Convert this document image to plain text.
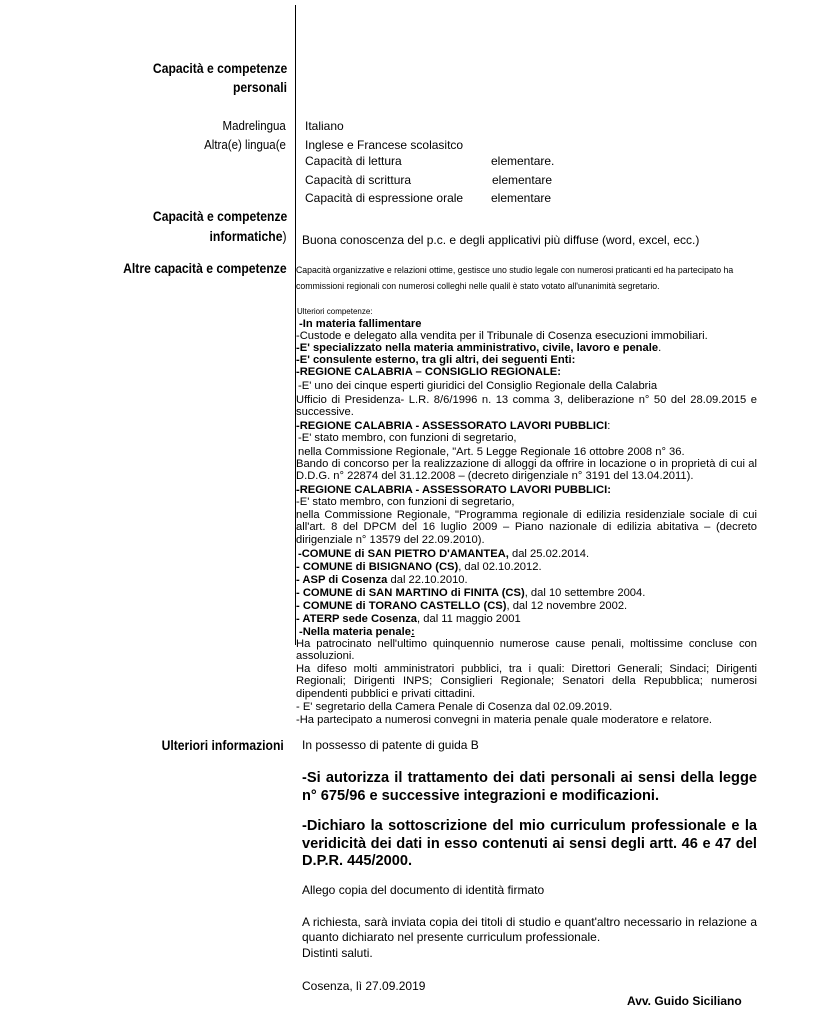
Capacità e competenze
personali
Madrelingua
Altra(e) lingua(e
Capacità e competenze
informatiche)
Altre capacità e competenze
Ulteriori informazioni
Italiano
Inglese e Francese scolasitco
Capacità di lettura	elementare.
Capacità di scrittura	elementare
Capacità di espressione orale elementare
Buona conoscenza del p.c. e degli applicativi più diffuse (word, excel, ecc.)
Capacità organizzative e relazioni ottime, gestisce uno studio legale con numerosi praticanti ed ha partecipato ha
commissioni regionali con numerosi colleghi nelle qualil è stato votato all'unanimità segretario.
Ulteriori competenze:
-In materia fallimentare
-Custode e delegato alla vendita per il Tribunale di Cosenza esecuzioni immobiliari.
-E' specializzato nella materia amministrativo, civile, lavoro e penale.
-E' consulente esterno, tra gli altri, dei seguenti Enti:
-REGIONE CALABRIA – CONSIGLIO REGIONALE:
-E' uno dei cinque esperti giuridici del Consiglio Regionale della Calabria
Ufficio di Presidenza- L.R. 8/6/1996 n. 13 comma 3, deliberazione n° 50 del 28.09.2015 e successive.
-REGIONE CALABRIA - ASSESSORATO LAVORI PUBBLICI:
-E' stato membro, con funzioni di segretario,
nella Commissione Regionale, "Art. 5 Legge Regionale 16 ottobre 2008 n° 36.
Bando di concorso per la realizzazione di alloggi da offrire in locazione o in proprietà di cui al D.D.G. n° 22874 del 31.12.2008 – (decreto dirigenziale n° 3191 del 13.04.2011).
-REGIONE CALABRIA - ASSESSORATO LAVORI PUBBLICI:
-E' stato membro, con funzioni di segretario,
nella Commissione Regionale, "Programma regionale di edilizia residenziale sociale di cui all'art. 8 del DPCM del 16 luglio 2009 – Piano nazionale di edilizia abitativa – (decreto dirigenziale n° 13579 del 22.09.2010).
-COMUNE di SAN PIETRO D'AMANTEA, dal 25.02.2014.
- COMUNE di BISIGNANO (CS), dal 02.10.2012.
- ASP di Cosenza dal 22.10.2010.
- COMUNE di SAN MARTINO di FINITA (CS), dal 10 settembre 2004.
- COMUNE di TORANO CASTELLO (CS), dal 12 novembre 2002.
- ATERP sede Cosenza, dal 11 maggio 2001
-Nella materia penale:
Ha patrocinato nell'ultimo quinquennio numerose cause penali, moltissime concluse con assoluzioni.
Ha difeso molti amministratori pubblici, tra i quali: Direttori Generali; Sindaci; Dirigenti Regionali; Dirigenti INPS; Consiglieri Regionale; Senatori della Repubblica; numerosi dipendenti pubblici e privati cittadini.
- E' segretario della Camera Penale di Cosenza dal 02.09.2019.
-Ha partecipato a numerosi convegni in materia penale quale moderatore e relatore.
In possesso di patente di guida B
-Si autorizza il trattamento dei dati personali ai sensi della legge n° 675/96 e successive integrazioni e modificazioni.
-Dichiaro la sottoscrizione del mio curriculum professionale e la veridicità dei dati in esso contenuti ai sensi degli artt. 46 e 47 del D.P.R. 445/2000.
Allego copia del documento di identità firmato
A richiesta, sarà inviata copia dei titoli di studio e quant'altro necessario in relazione a quanto dichiarato nel presente curriculum professionale.
Distinti saluti.
Cosenza, lì 27.09.2019
Avv. Guido Siciliano
